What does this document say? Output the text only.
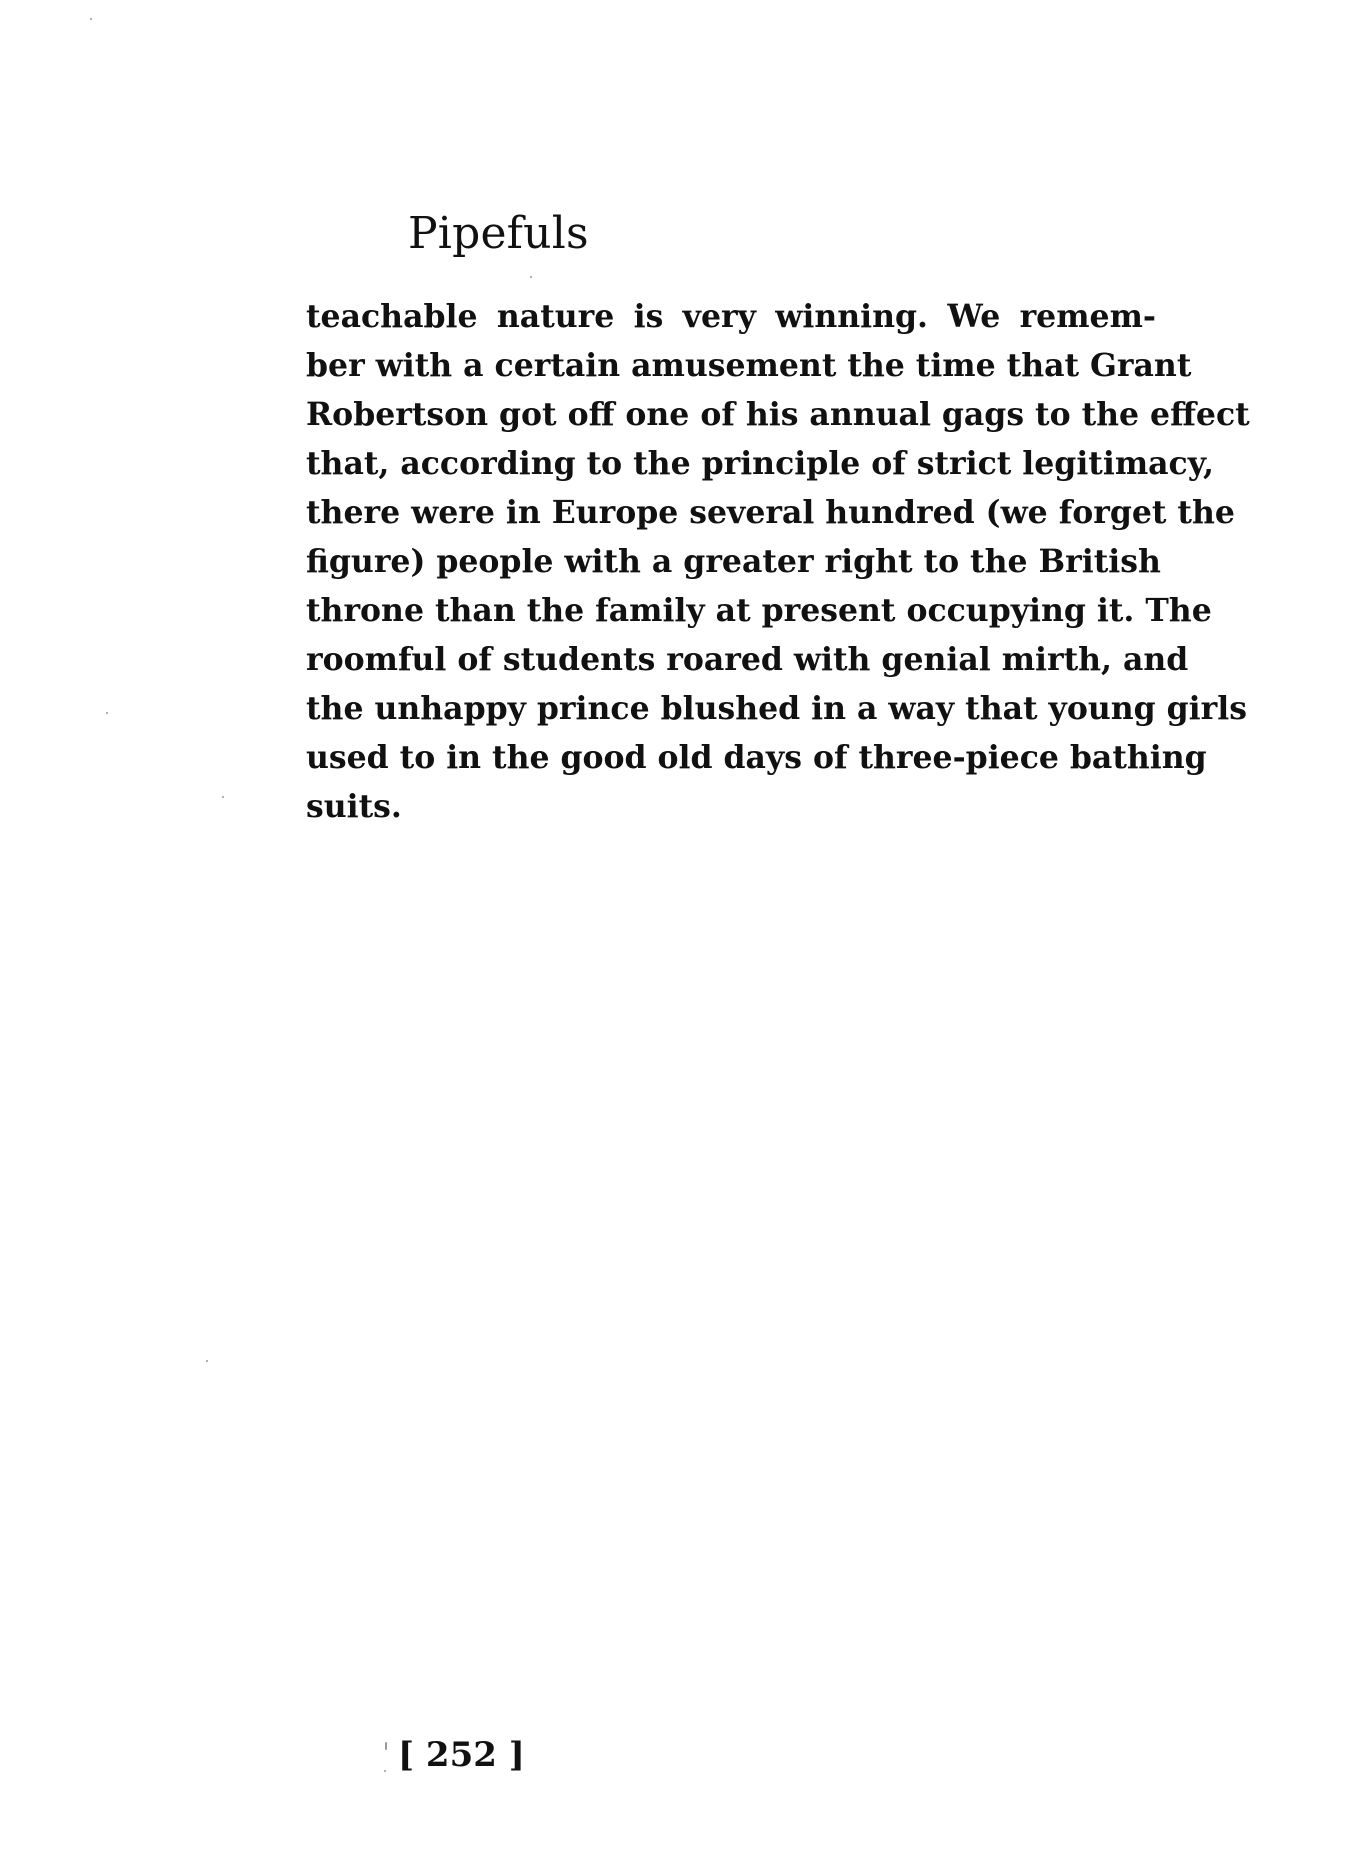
Pipefuls
teachable nature is very winning. We remem-
ber with a certain amusement the time that Grant
Robertson got off one of his annual gags to the effect
that, according to the principle of strict legitimacy,
there were in Europe several hundred (we forget the
figure) people with a greater right to the British
throne than the family at present occupying it. The
roomful of students roared with genial mirth, and
the unhappy prince blushed in a way that young girls
used to in the good old days of three-piece bathing
suits.
[ 252 ]
